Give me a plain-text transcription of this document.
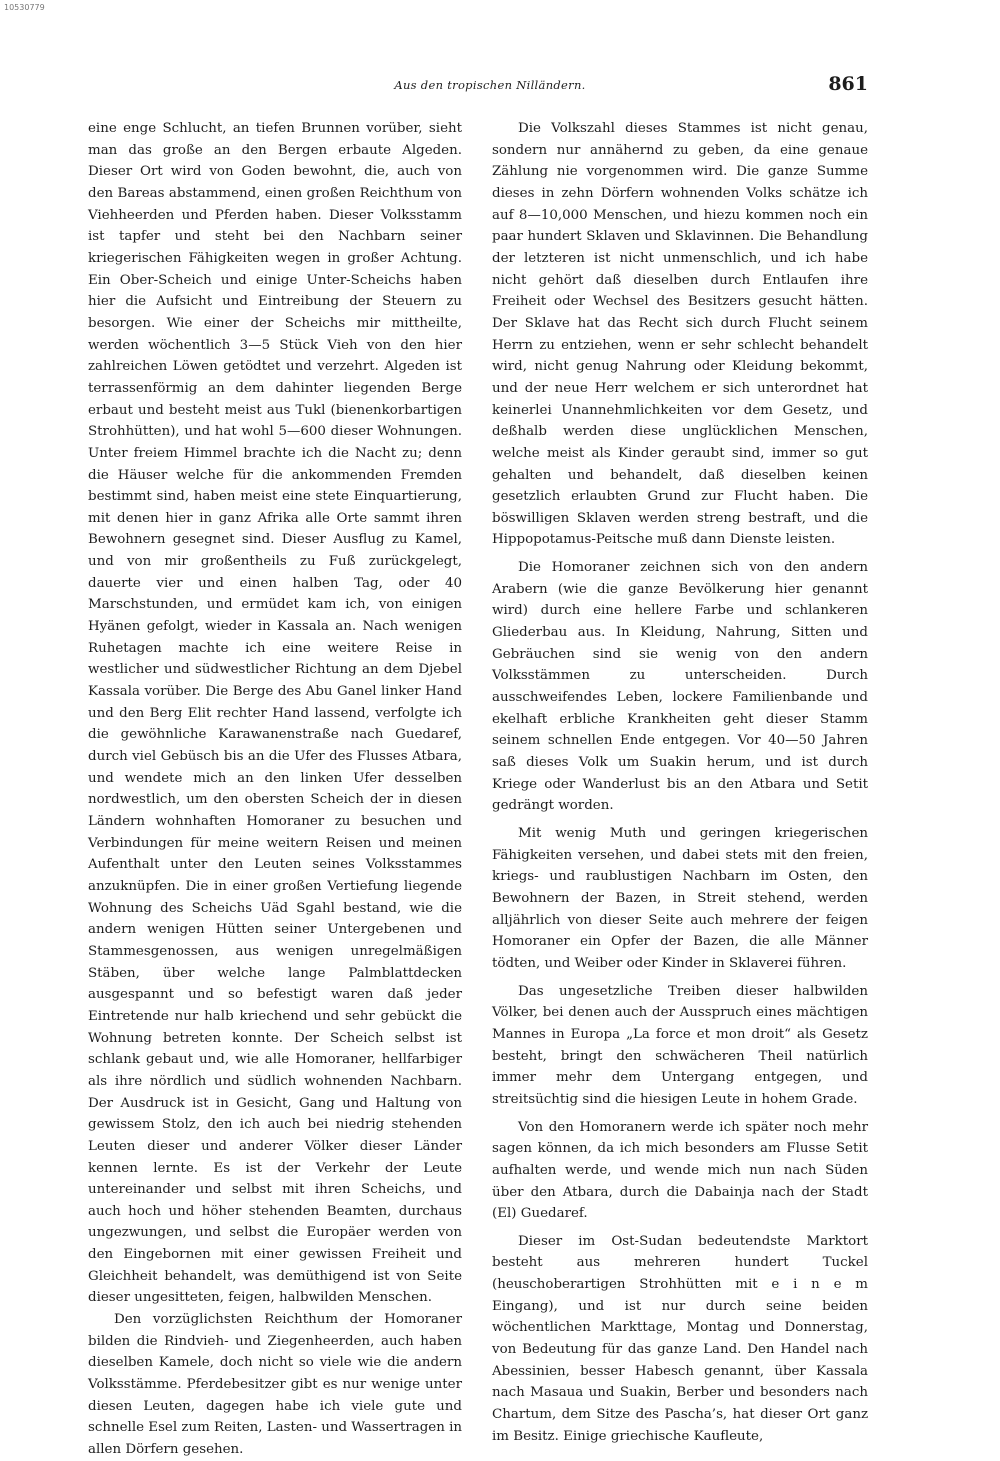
10530779

Aus den tropischen Nilländern.	861

eine enge Schlucht, an tiefen Brunnen vorüber, sieht man das große an den Bergen erbaute Algeden. Dieser Ort wird von Goden bewohnt, die, auch von den Bareas abstammend, einen großen Reichthum von Viehheerden und Pferden haben. Dieser Volksstamm ist tapfer und steht bei den Nachbarn seiner kriegerischen Fähigkeiten wegen in großer Achtung. Ein Ober-Scheich und einige Unter-Scheichs haben hier die Aufsicht und Eintreibung der Steuern zu besorgen. Wie einer der Scheichs mir mittheilte, werden wöchentlich 3—5 Stück Vieh von den hier zahlreichen Löwen getödtet und verzehrt. Algeden ist terrassenförmig an dem dahinter liegenden Berge erbaut und besteht meist aus Tukl (bienenkorbartigen Strohhütten), und hat wohl 5—600 dieser Wohnungen. Unter freiem Himmel brachte ich die Nacht zu; denn die Häuser welche für die ankommenden Fremden bestimmt sind, haben meist eine stete Einquartierung, mit denen hier in ganz Afrika alle Orte sammt ihren Bewohnern gesegnet sind. Dieser Ausflug zu Kamel, und von mir großentheils zu Fuß zurückgelegt, dauerte vier und einen halben Tag, oder 40 Marschstunden, und ermüdet kam ich, von einigen Hyänen gefolgt, wieder in Kassala an. Nach wenigen Ruhetagen machte ich eine weitere Reise in westlicher und südwestlicher Richtung an dem Djebel Kassala vorüber. Die Berge des Abu Ganel linker Hand und den Berg Elit rechter Hand lassend, verfolgte ich die gewöhnliche Karawanenstraße nach Guedaref, durch viel Gebüsch bis an die Ufer des Flusses Atbara, und wendete mich an den linken Ufer desselben nordwestlich, um den obersten Scheich der in diesen Ländern wohnhaften Homoraner zu besuchen und Verbindungen für meine weitern Reisen und meinen Aufenthalt unter den Leuten seines Volksstammes anzuknüpfen. Die in einer großen Vertiefung liegende Wohnung des Scheichs Uäd Sgahl bestand, wie die andern wenigen Hütten seiner Untergebenen und Stammesgenossen, aus wenigen unregelmäßigen Stäben, über welche lange Palmblattdecken ausgespannt und so befestigt waren daß jeder Eintretende nur halb kriechend und sehr gebückt die Wohnung betreten konnte. Der Scheich selbst ist schlank gebaut und, wie alle Homoraner, hellfarbiger als ihre nördlich und südlich wohnenden Nachbarn. Der Ausdruck ist in Gesicht, Gang und Haltung von gewissem Stolz, den ich auch bei niedrig stehenden Leuten dieser und anderer Völker dieser Länder kennen lernte. Es ist der Verkehr der Leute untereinander und selbst mit ihren Scheichs, und auch hoch und höher stehenden Beamten, durchaus ungezwungen, und selbst die Europäer werden von den Eingebornen mit einer gewissen Freiheit und Gleichheit behandelt, was demüthigend ist von Seite dieser ungesitteten, feigen, halbwilden Menschen.

Den vorzüglichsten Reichthum der Homoraner bilden die Rindvieh- und Ziegenheerden, auch haben dieselben Kamele, doch nicht so viele wie die andern Volksstämme. Pferdebesitzer gibt es nur wenige unter diesen Leuten, dagegen habe ich viele gute und schnelle Esel zum Reiten, Lasten- und Wassertragen in allen Dörfern gesehen.

Die Volkszahl dieses Stammes ist nicht genau, sondern nur annähernd zu geben, da eine genaue Zählung nie vorgenommen wird. Die ganze Summe dieses in zehn Dörfern wohnenden Volks schätze ich auf 8—10,000 Menschen, und hiezu kommen noch ein paar hundert Sklaven und Sklavinnen. Die Behandlung der letzteren ist nicht unmenschlich, und ich habe nicht gehört daß dieselben durch Entlaufen ihre Freiheit oder Wechsel des Besitzers gesucht hätten. Der Sklave hat das Recht sich durch Flucht seinem Herrn zu entziehen, wenn er sehr schlecht behandelt wird, nicht genug Nahrung oder Kleidung bekommt, und der neue Herr welchem er sich unterordnet hat keinerlei Unannehmlichkeiten vor dem Gesetz, und deßhalb werden diese unglücklichen Menschen, welche meist als Kinder geraubt sind, immer so gut gehalten und behandelt, daß dieselben keinen gesetzlich erlaubten Grund zur Flucht haben. Die böswilligen Sklaven werden streng bestraft, und die Hippopotamus-Peitsche muß dann Dienste leisten.

Die Homoraner zeichnen sich von den andern Arabern (wie die ganze Bevölkerung hier genannt wird) durch eine hellere Farbe und schlankeren Gliederbau aus. In Kleidung, Nahrung, Sitten und Gebräuchen sind sie wenig von den andern Volksstämmen zu unterscheiden. Durch ausschweifendes Leben, lockere Familienbande und ekelhaft erbliche Krankheiten geht dieser Stamm seinem schnellen Ende entgegen. Vor 40—50 Jahren saß dieses Volk um Suakin herum, und ist durch Kriege oder Wanderlust bis an den Atbara und Setit gedrängt worden.

Mit wenig Muth und geringen kriegerischen Fähigkeiten versehen, und dabei stets mit den freien, kriegs- und raublustigen Nachbarn im Osten, den Bewohnern der Bazen, in Streit stehend, werden alljährlich von dieser Seite auch mehrere der feigen Homoraner ein Opfer der Bazen, die alle Männer tödten, und Weiber oder Kinder in Sklaverei führen.

Das ungesetzliche Treiben dieser halbwilden Völker, bei denen auch der Ausspruch eines mächtigen Mannes in Europa „La force et mon droit“ als Gesetz besteht, bringt den schwächeren Theil natürlich immer mehr dem Untergang entgegen, und streitsüchtig sind die hiesigen Leute in hohem Grade.

Von den Homoranern werde ich später noch mehr sagen können, da ich mich besonders am Flusse Setit aufhalten werde, und wende mich nun nach Süden über den Atbara, durch die Dabainja nach der Stadt (El) Guedaref.

Dieser im Ost-Sudan bedeutendste Marktort besteht aus mehreren hundert Tuckel (heuschoberartigen Strohhütten mit e i n e m Eingang), und ist nur durch seine beiden wöchentlichen Markttage, Montag und Donnerstag, von Bedeutung für das ganze Land. Den Handel nach Abessinien, besser Habesch genannt, über Kassala nach Masaua und Suakin, Berber und besonders nach Chartum, dem Sitze des Pascha’s, hat dieser Ort ganz im Besitz. Einige griechische Kaufleute,
